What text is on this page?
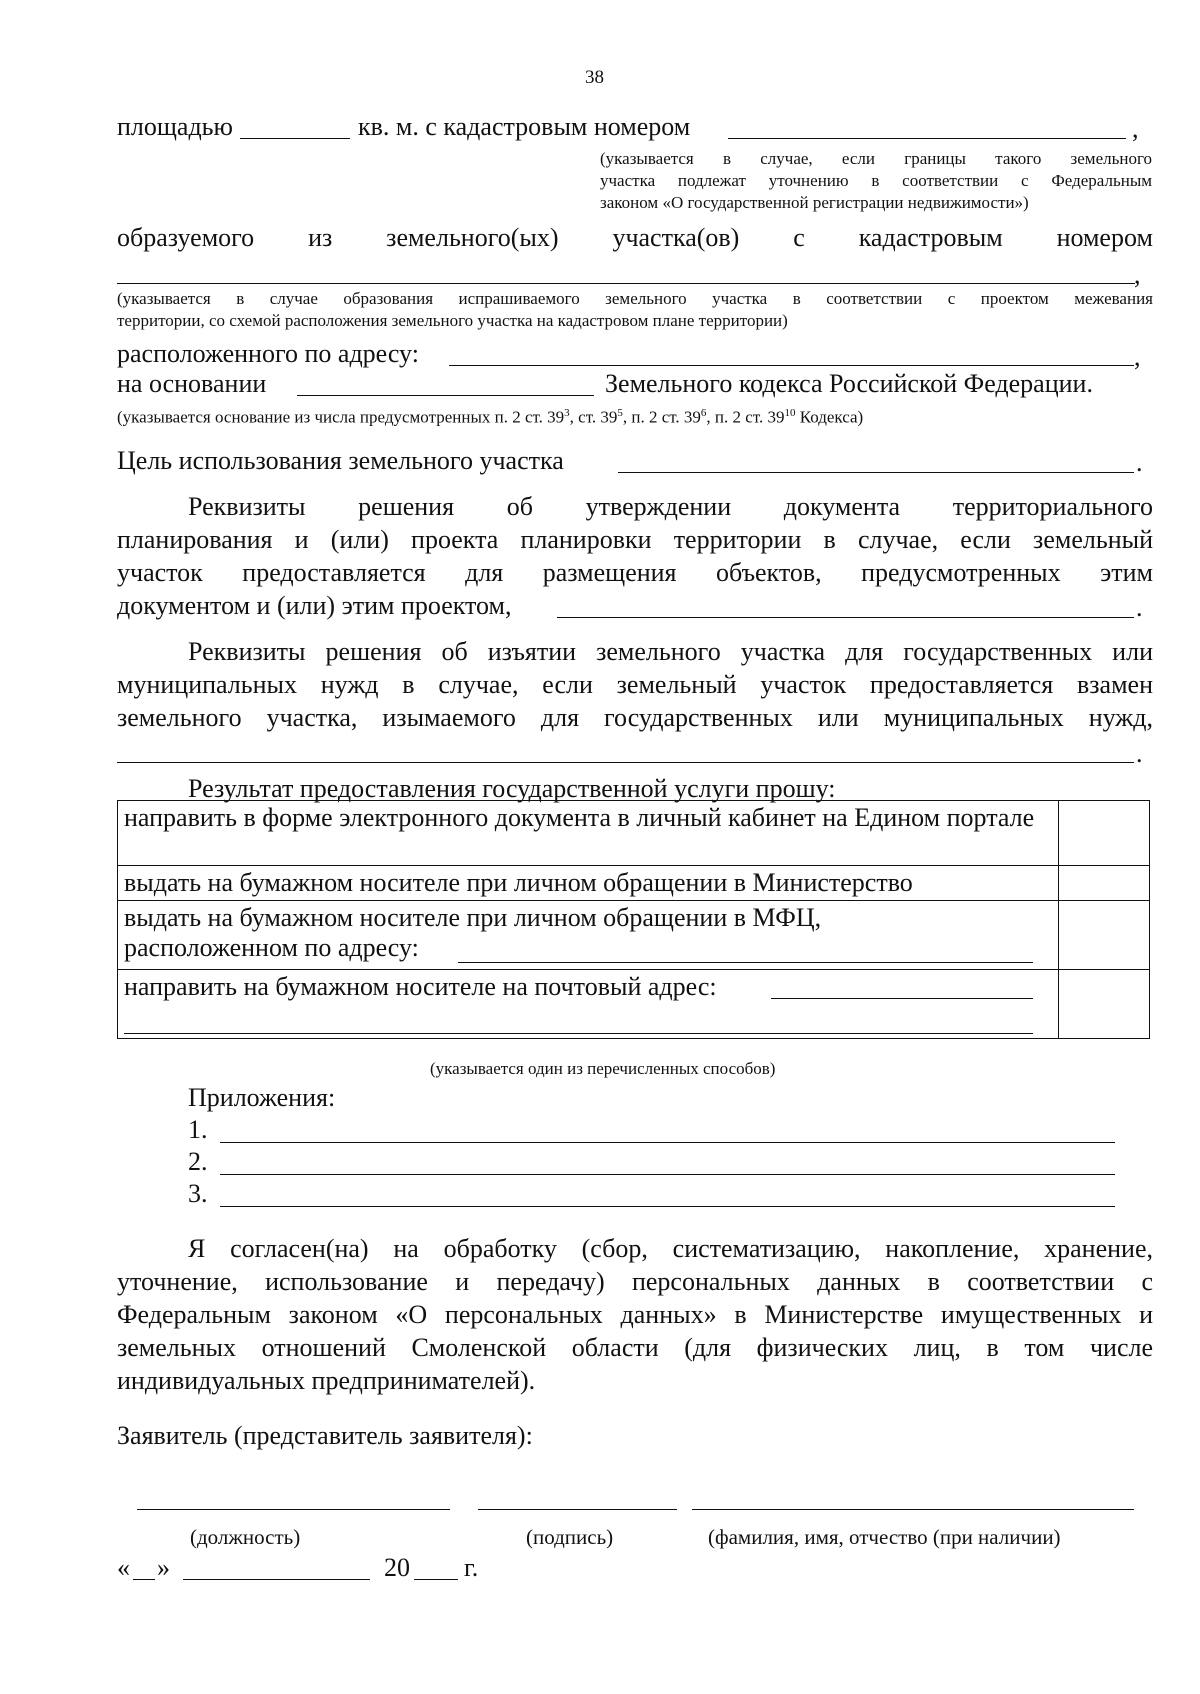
38
площадью	кв. м. с кадастровым номером	,
(указывается в случае, если границы такого земельного
участка подлежат уточнению в соответствии с Федеральным
законом «О государственной регистрации недвижимости»)
образуемого из земельного(ых) участка(ов) с кадастровым номером
,
(указывается в случае образования испрашиваемого земельного участка в соответствии с проектом межевания
территории, со схемой расположения земельного участка на кадастровом плане территории)
расположенного по адресу:	,
на основании	Земельного кодекса Российской Федерации.
(указывается основание из числа предусмотренных п. 2 ст. $39^3$, ст. $39^5$, п. 2 ст. $39^6$, п. 2 ст. $39^{10}$ Кодекса)
Цель использования земельного участка	.
Реквизиты решения об утверждении документа территориального
планирования и (или) проекта планировки территории в случае, если земельный
участок предоставляется для размещения объектов, предусмотренных этим
документом и (или) этим проектом,	.
Реквизиты решения об изъятии земельного участка для государственных или
муниципальных нужд в случае, если земельный участок предоставляется взамен
земельного участка, изымаемого для государственных или муниципальных нужд,
.
Результат предоставления государственной услуги прошу:
направить в форме электронного документа в личный кабинет на Едином портале	

выдать на бумажном носителе при личном обращении в Министерство	

выдать на бумажном носителе при личном обращении в МФЦ,
расположенном по адресу:	

направить на бумажном носителе на почтовый адрес:	

(указывается один из перечисленных способов)
Приложения:
1.
2.
3.
Я согласен(на) на обработку (сбор, систематизацию, накопление, хранение,
уточнение, использование и передачу) персональных данных в соответствии с
Федеральным законом «О персональных данных» в Министерстве имущественных и
земельных отношений Смоленской области (для физических лиц, в том числе
индивидуальных предпринимателей).
Заявитель (представитель заявителя):
(должность)	(подпись)	(фамилия, имя, отчество (при наличии)
« »	20 г.
